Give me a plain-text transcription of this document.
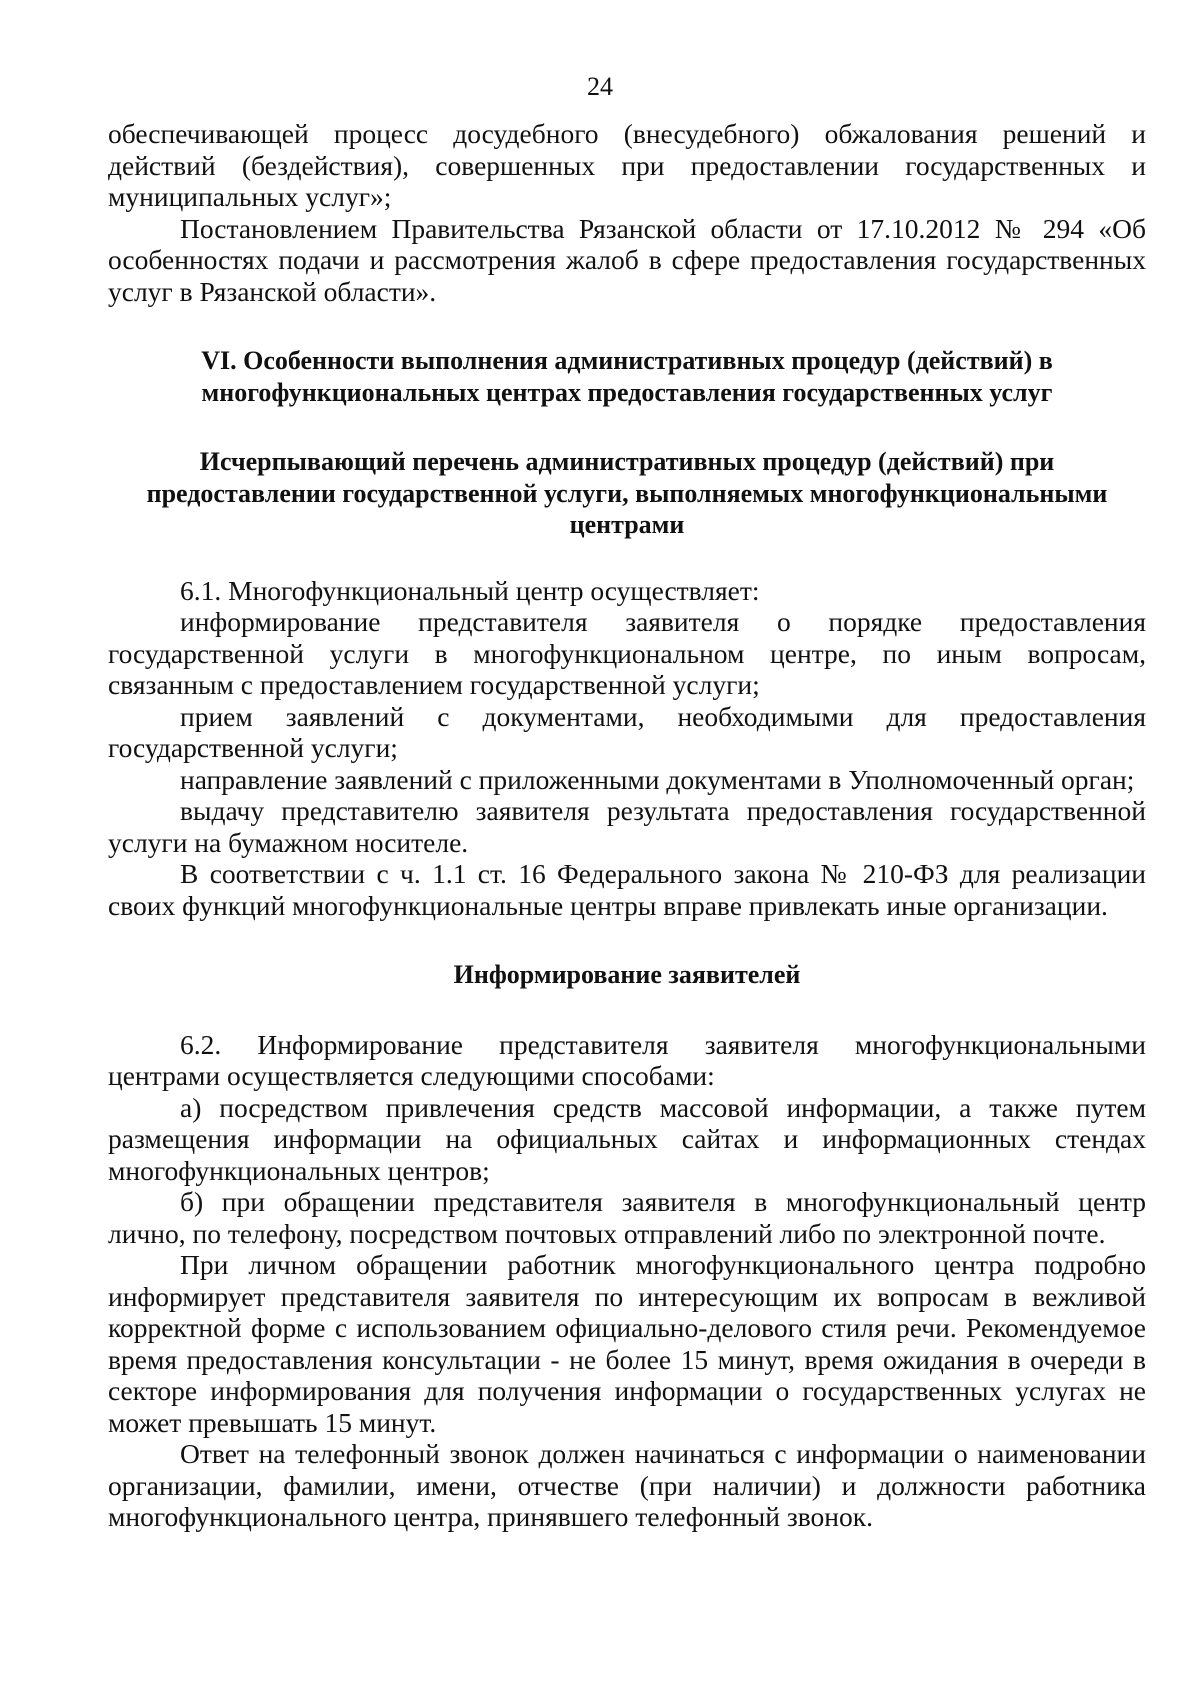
24

обеспечивающей процесс досудебного (внесудебного) обжалования решений и действий (бездействия), совершенных при предоставлении государственных и муниципальных услуг»;

Постановлением Правительства Рязанской области от 17.10.2012 № 294 «Об особенностях подачи и рассмотрения жалоб в сфере предоставления государственных услуг в Рязанской области».

VI. Особенности выполнения административных процедур (действий) в многофункциональных центрах предоставления государственных услуг

Исчерпывающий перечень административных процедур (действий) при предоставлении государственной услуги, выполняемых многофункциональными центрами

6.1. Многофункциональный центр осуществляет:

информирование представителя заявителя о порядке предоставления государственной услуги в многофункциональном центре, по иным вопросам, связанным с предоставлением государственной услуги;

прием заявлений с документами, необходимыми для предоставления государственной услуги;

направление заявлений с приложенными документами в Уполномоченный орган;

выдачу представителю заявителя результата предоставления государственной услуги на бумажном носителе.

В соответствии с ч. 1.1 ст. 16 Федерального закона № 210-ФЗ для реализации своих функций многофункциональные центры вправе привлекать иные организации.

Информирование заявителей

6.2. Информирование представителя заявителя многофункциональными центрами осуществляется следующими способами:

а) посредством привлечения средств массовой информации, а также путем размещения информации на официальных сайтах и информационных стендах многофункциональных центров;

б) при обращении представителя заявителя в многофункциональный центр лично, по телефону, посредством почтовых отправлений либо по электронной почте.

При личном обращении работник многофункционального центра подробно информирует представителя заявителя по интересующим их вопросам в вежливой корректной форме с использованием официально-делового стиля речи. Рекомендуемое время предоставления консультации - не более 15 минут, время ожидания в очереди в секторе информирования для получения информации о государственных услугах не может превышать 15 минут.

Ответ на телефонный звонок должен начинаться с информации о наименовании организации, фамилии, имени, отчестве (при наличии) и должности работника многофункционального центра, принявшего телефонный звонок.
